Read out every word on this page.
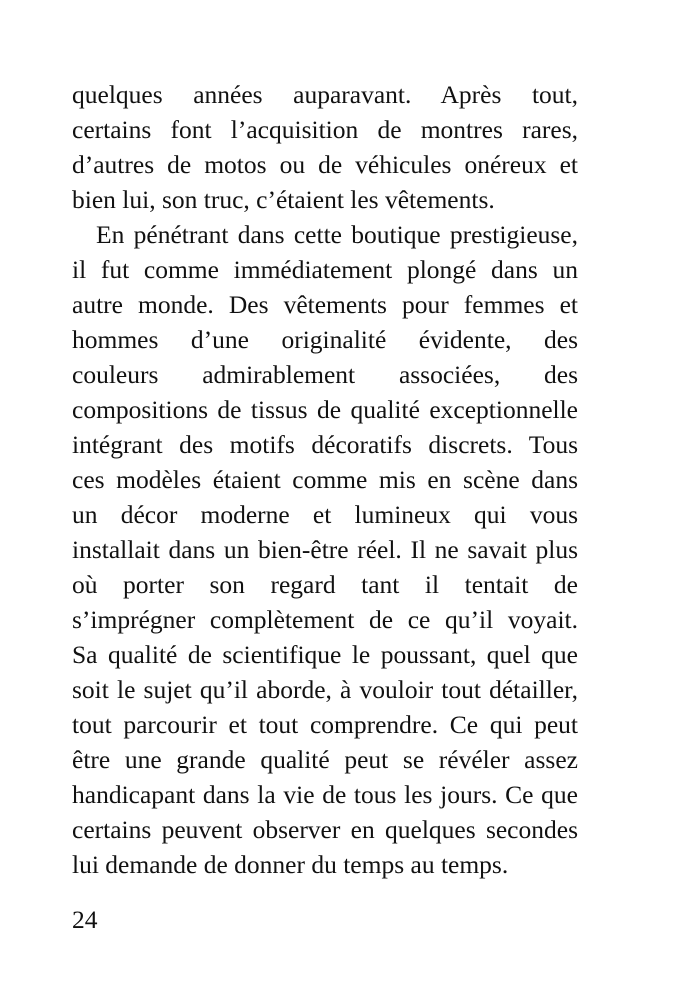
quelques années auparavant. Après tout,
certains font l’acquisition de montres rares,
d’autres de motos ou de véhicules onéreux et
bien lui, son truc, c’étaient les vêtements.
En pénétrant dans cette boutique prestigieuse,
il fut comme immédiatement plongé dans un
autre monde. Des vêtements pour femmes et
hommes d’une originalité évidente, des
couleurs admirablement associées, des
compositions de tissus de qualité exceptionnelle
intégrant des motifs décoratifs discrets. Tous
ces modèles étaient comme mis en scène dans
un décor moderne et lumineux qui vous
installait dans un bien-être réel. Il ne savait plus
où porter son regard tant il tentait de
s’imprégner complètement de ce qu’il voyait.
Sa qualité de scientifique le poussant, quel que
soit le sujet qu’il aborde, à vouloir tout détailler,
tout parcourir et tout comprendre. Ce qui peut
être une grande qualité peut se révéler assez
handicapant dans la vie de tous les jours. Ce que
certains peuvent observer en quelques secondes
lui demande de donner du temps au temps.
24
